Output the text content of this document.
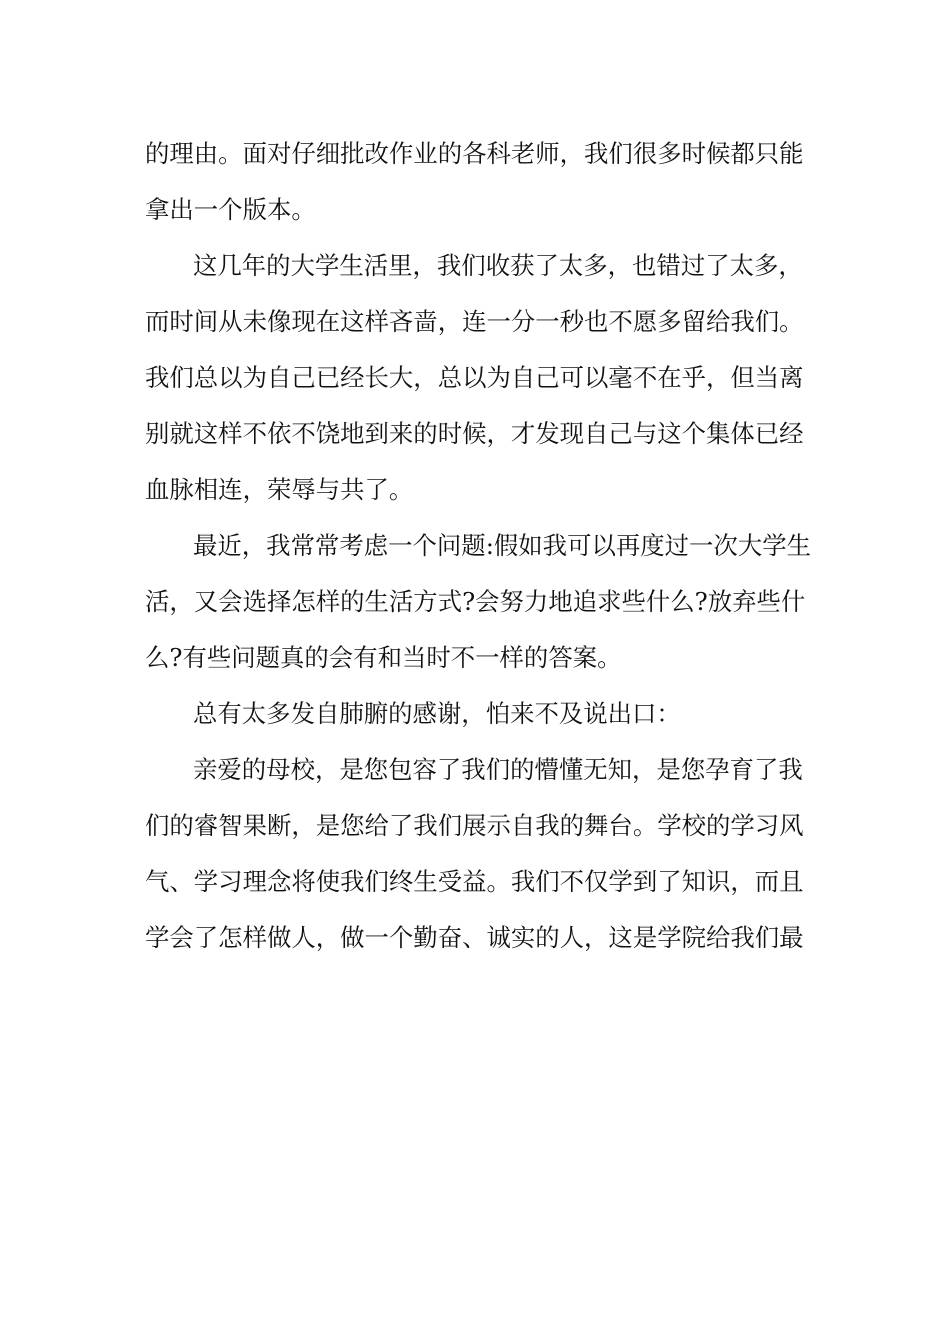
的理由。面对仔细批改作业的各科老师，我们很多时候都只能
拿出一个版本。
这几年的大学生活里，我们收获了太多，也错过了太多，
而时间从未像现在这样吝啬，连一分一秒也不愿多留给我们。
我们总以为自己已经长大，总以为自己可以毫不在乎，但当离
别就这样不依不饶地到来的时候，才发现自己与这个集体已经
血脉相连，荣辱与共了。
最近，我常常考虑一个问题:假如我可以再度过一次大学生
活，又会选择怎样的生活方式?会努力地追求些什么?放弃些什
么?有些问题真的会有和当时不一样的答案。
总有太多发自肺腑的感谢，怕来不及说出口：
亲爱的母校，是您包容了我们的懵懂无知，是您孕育了我
们的睿智果断，是您给了我们展示自我的舞台。学校的学习风
气、学习理念将使我们终生受益。我们不仅学到了知识，而且
学会了怎样做人，做一个勤奋、诚实的人，这是学院给我们最
